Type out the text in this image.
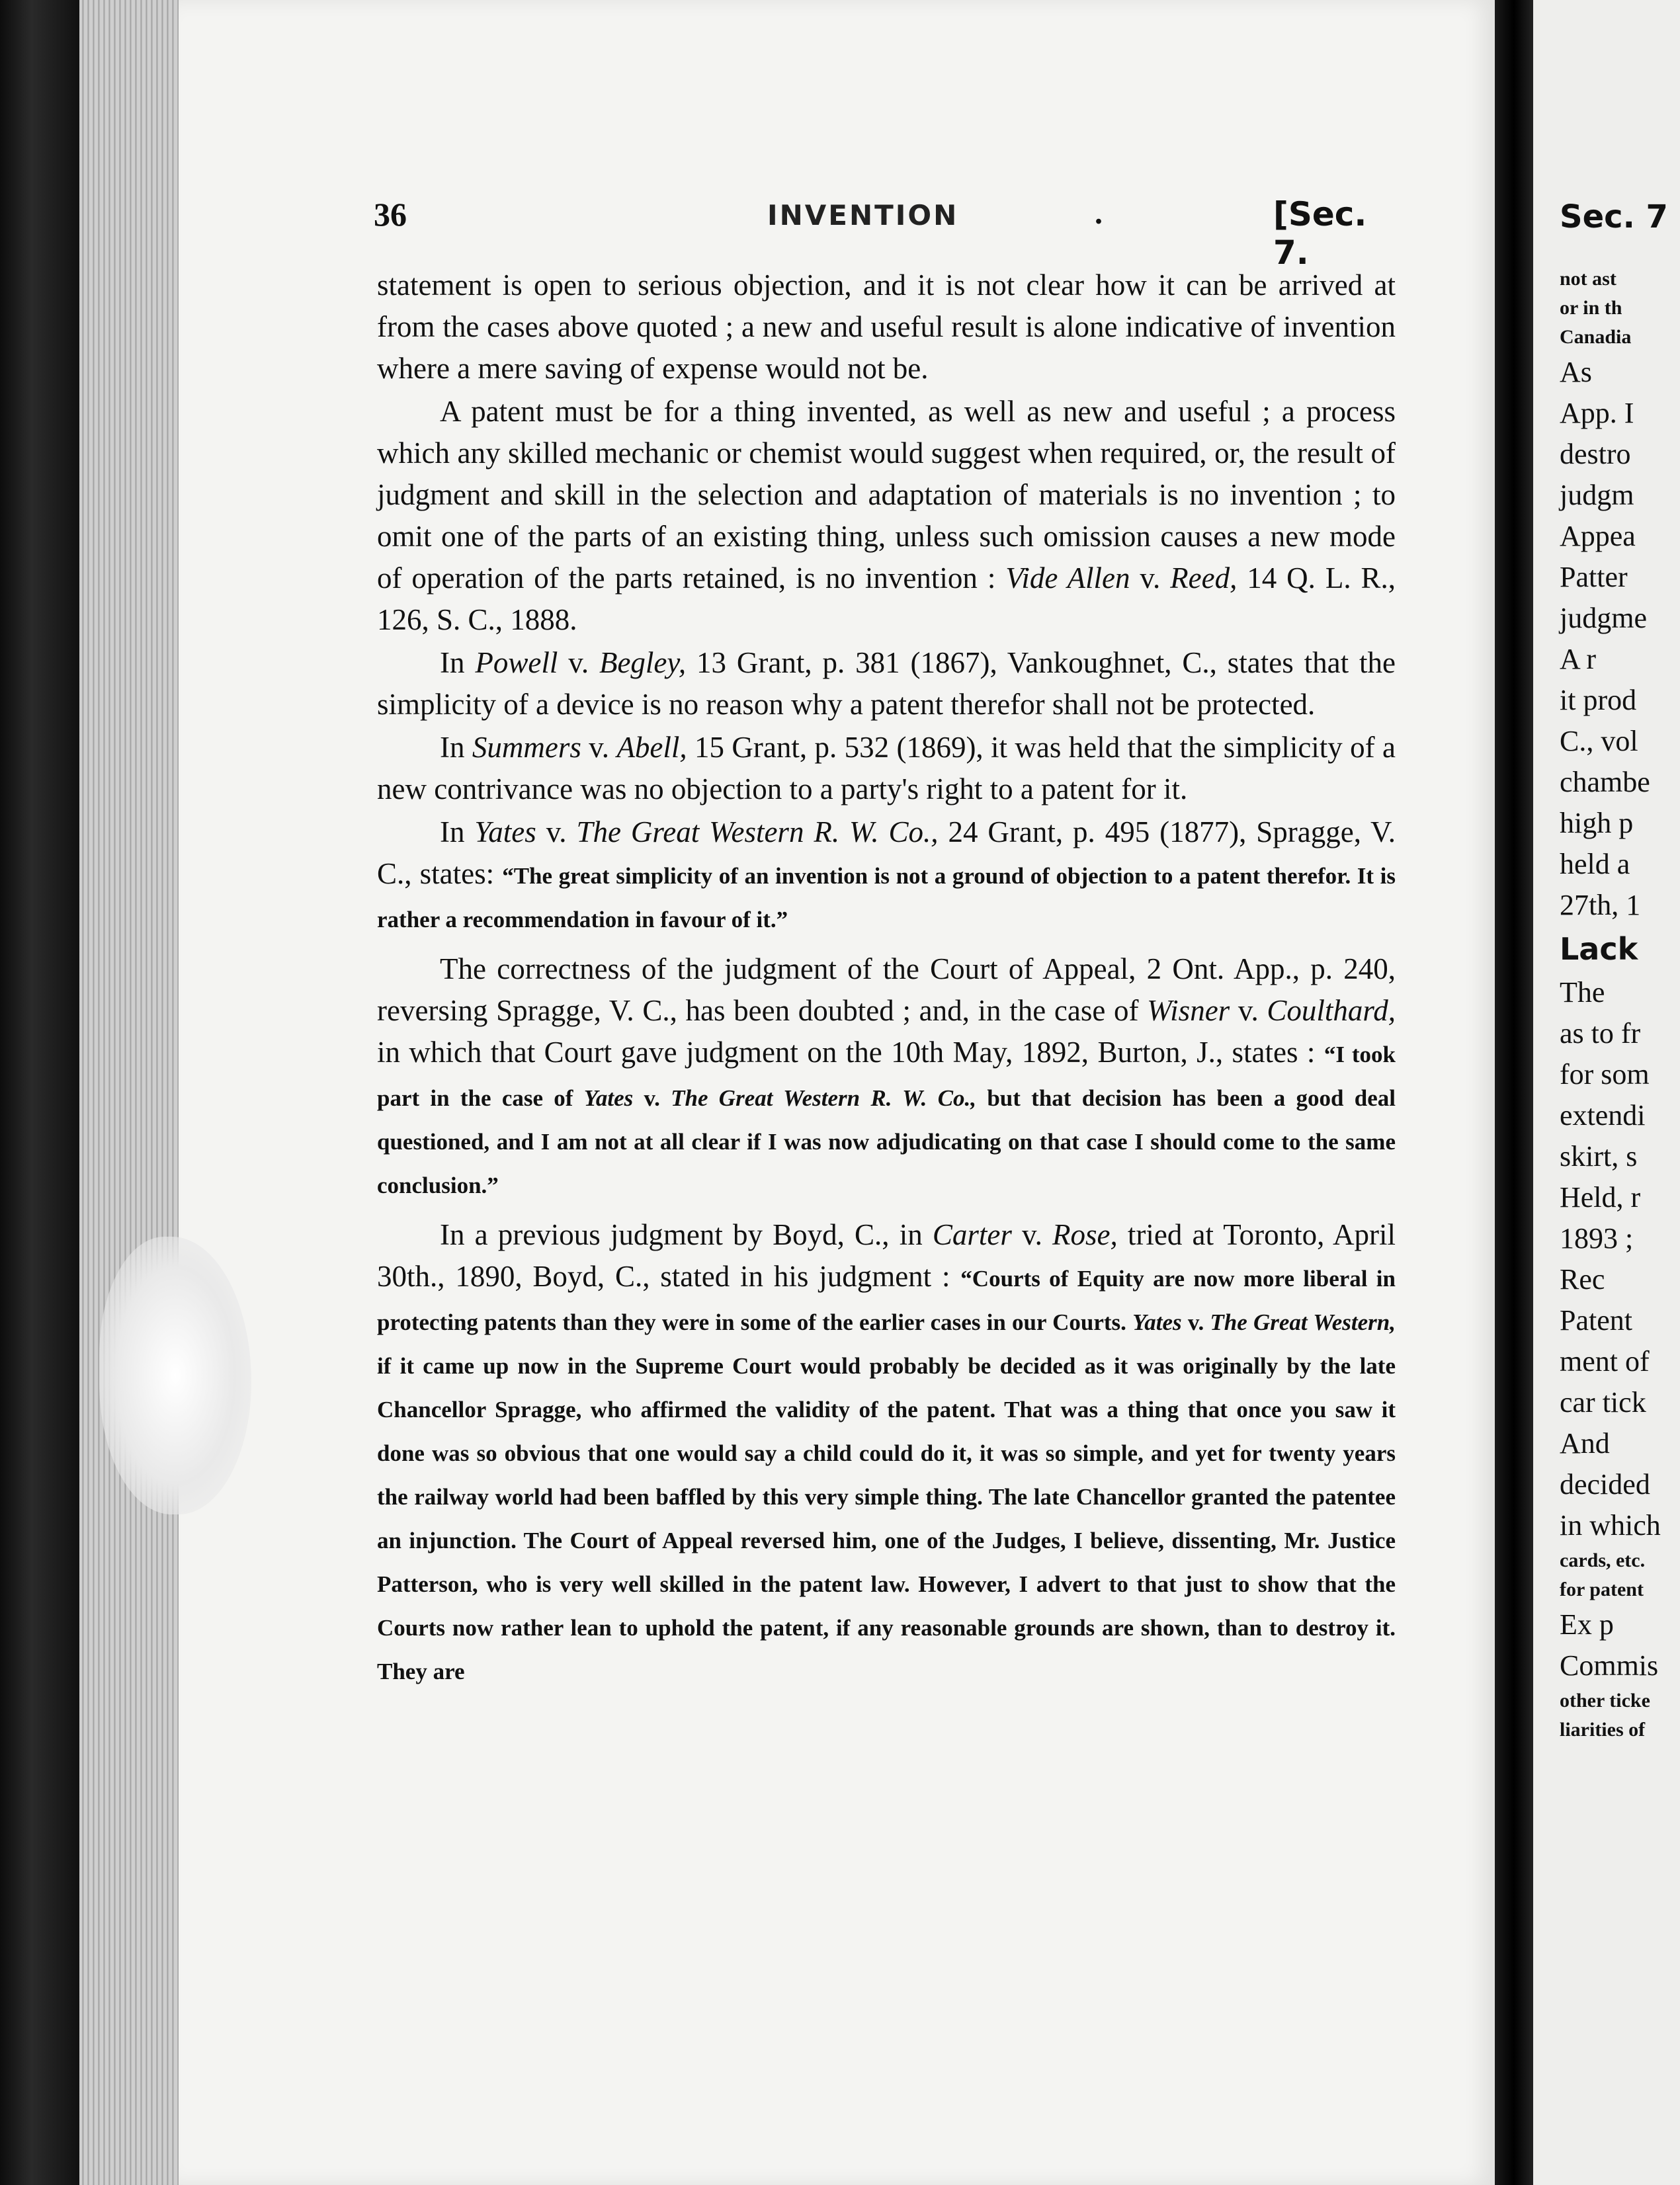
36	INVENTION	.	[Sec. 7.

statement is open to serious objection, and it is not clear how it can be arrived at from the cases above quoted ; a new and useful result is alone indicative of invention where a mere saving of expense would not be.

A patent must be for a thing invented, as well as new and useful ; a process which any skilled mechanic or chemist would suggest when required, or, the result of judgment and skill in the selection and adaptation of materials is no invention ; to omit one of the parts of an existing thing, unless such omission causes a new mode of operation of the parts retained, is no invention : Vide Allen v. Reed, 14 Q. L. R., 126, S. C., 1888.

In Powell v. Begley, 13 Grant, p. 381 (1867), Vankoughnet, C., states that the simplicity of a device is no reason why a patent therefor shall not be protected.

In Summers v. Abell, 15 Grant, p. 532 (1869), it was held that the simplicity of a new contrivance was no objection to a party's right to a patent for it.

In Yates v. The Great Western R. W. Co., 24 Grant, p. 495 (1877), Spragge, V. C., states: “The great simplicity of an invention is not a ground of objection to a patent therefor. It is rather a recommendation in favour of it.”

The correctness of the judgment of the Court of Appeal, 2 Ont. App., p. 240, reversing Spragge, V. C., has been doubted ; and, in the case of Wisner v. Coulthard, in which that Court gave judgment on the 10th May, 1892, Burton, J., states : “I took part in the case of Yates v. The Great Western R. W. Co., but that decision has been a good deal questioned, and I am not at all clear if I was now adjudicating on that case I should come to the same conclusion.”

In a previous judgment by Boyd, C., in Carter v. Rose, tried at Toronto, April 30th., 1890, Boyd, C., stated in his judgment : “Courts of Equity are now more liberal in protecting patents than they were in some of the earlier cases in our Courts. Yates v. The Great Western, if it came up now in the Supreme Court would probably be decided as it was originally by the late Chancellor Spragge, who affirmed the validity of the patent. That was a thing that once you saw it done was so obvious that one would say a child could do it, it was so simple, and yet for twenty years the railway world had been baffled by this very simple thing. The late Chancellor granted the patentee an injunction. The Court of Appeal reversed him, one of the Judges, I believe, dissenting, Mr. Justice Patterson, who is very well skilled in the patent law. However, I advert to that just to show that the Courts now rather lean to uphold the patent, if any reasonable grounds are shown, than to destroy it. They are

Sec. 7
not ast
or in th
Canadia
As
App. I
destro
judgm
Appea
Patter
judgme
A r
it prod
C., vol
chambe
high p
held a
27th, 1
Lack
The
as to fr
for som
extendi
skirt, s
Held, r
1893 ;
Rec
Patent
ment of
car tick
And
decided
in which
cards, etc.
for patent
Ex p
Commis
other ticke
liarities of
